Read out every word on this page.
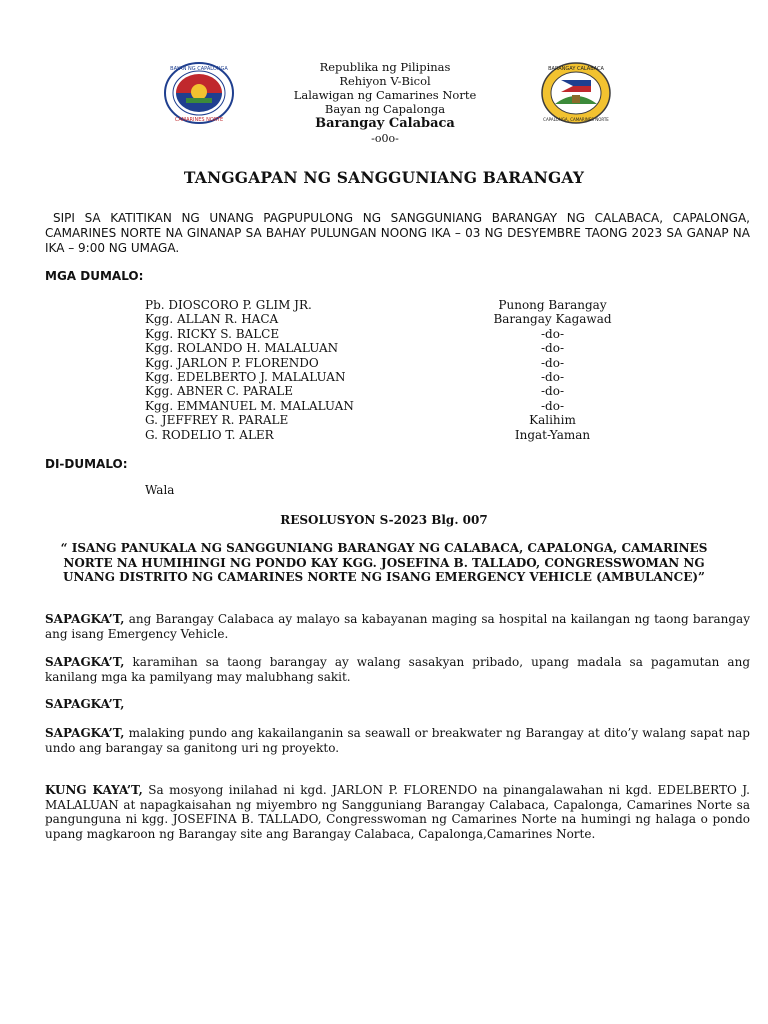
BAYAN NG CAPALONGA
CAMARINES NORTE
Republika ng Pilipinas
Rehiyon V-Bicol
Lalawigan ng Camarines Norte
Bayan ng Capalonga
Barangay Calabaca
-o0o-
BARANGAY CALABACA
CAPALONGA, CAMARINES NORTE
TANGGAPAN NG SANGGUNIANG BARANGAY
SIPI SA KATITIKAN NG UNANG PAGPUPULONG NG SANGGUNIANG BARANGAY NG CALABACA, CAPALONGA, CAMARINES NORTE NA GINANAP SA BAHAY PULUNGAN NOONG IKA – 03 NG DESYEMBRE TAONG 2023 SA GANAP NA IKA – 9:00 NG UMAGA.
MGA DUMALO:
Pb. DIOSCORO P. GLIM JR.	Punong Barangay
Kgg. ALLAN R. HACA	Barangay Kagawad
Kgg. RICKY S. BALCE	-do-
Kgg. ROLANDO H. MALALUAN	-do-
Kgg. JARLON P. FLORENDO	-do-
Kgg. EDELBERTO J. MALALUAN	-do-
Kgg. ABNER C. PARALE	-do-
Kgg. EMMANUEL M. MALALUAN	-do-
G. JEFFREY R. PARALE	Kalihim
G. RODELIO T. ALER	Ingat-Yaman
DI-DUMALO:
Wala
RESOLUSYON S-2023 Blg. 007
“ ISANG PANUKALA NG SANGGUNIANG BARANGAY NG CALABACA, CAPALONGA, CAMARINES NORTE NA HUMIHINGI NG PONDO KAY KGG. JOSEFINA B. TALLADO, CONGRESSWOMAN NG UNANG DISTRITO NG CAMARINES NORTE NG ISANG EMERGENCY VEHICLE (AMBULANCE)”
SAPAGKA’T, ang Barangay Calabaca ay malayo sa kabayanan maging sa hospital na kailangan ng taong barangay ang isang Emergency Vehicle.
SAPAGKA’T, karamihan sa taong barangay ay walang sasakyan pribado, upang madala sa pagamutan ang kanilang mga ka pamilyang may malubhang sakit.
SAPAGKA’T,
SAPAGKA’T, malaking pundo ang kakailanganin sa seawall or breakwater ng Barangay at dito’y walang sapat nap undo ang barangay sa ganitong uri ng proyekto.
KUNG KAYA’T, Sa mosyong inilahad ni kgd. JARLON P. FLORENDO na pinangalawahan ni kgd. EDELBERTO J. MALALUAN at napagkaisahan ng miyembro ng Sangguniang Barangay Calabaca, Capalonga, Camarines Norte sa pangunguna ni kgg. JOSEFINA B. TALLADO, Congresswoman ng Camarines Norte na humingi ng halaga o pondo upang magkaroon ng Barangay site ang Barangay Calabaca, Capalonga,Camarines Norte.
